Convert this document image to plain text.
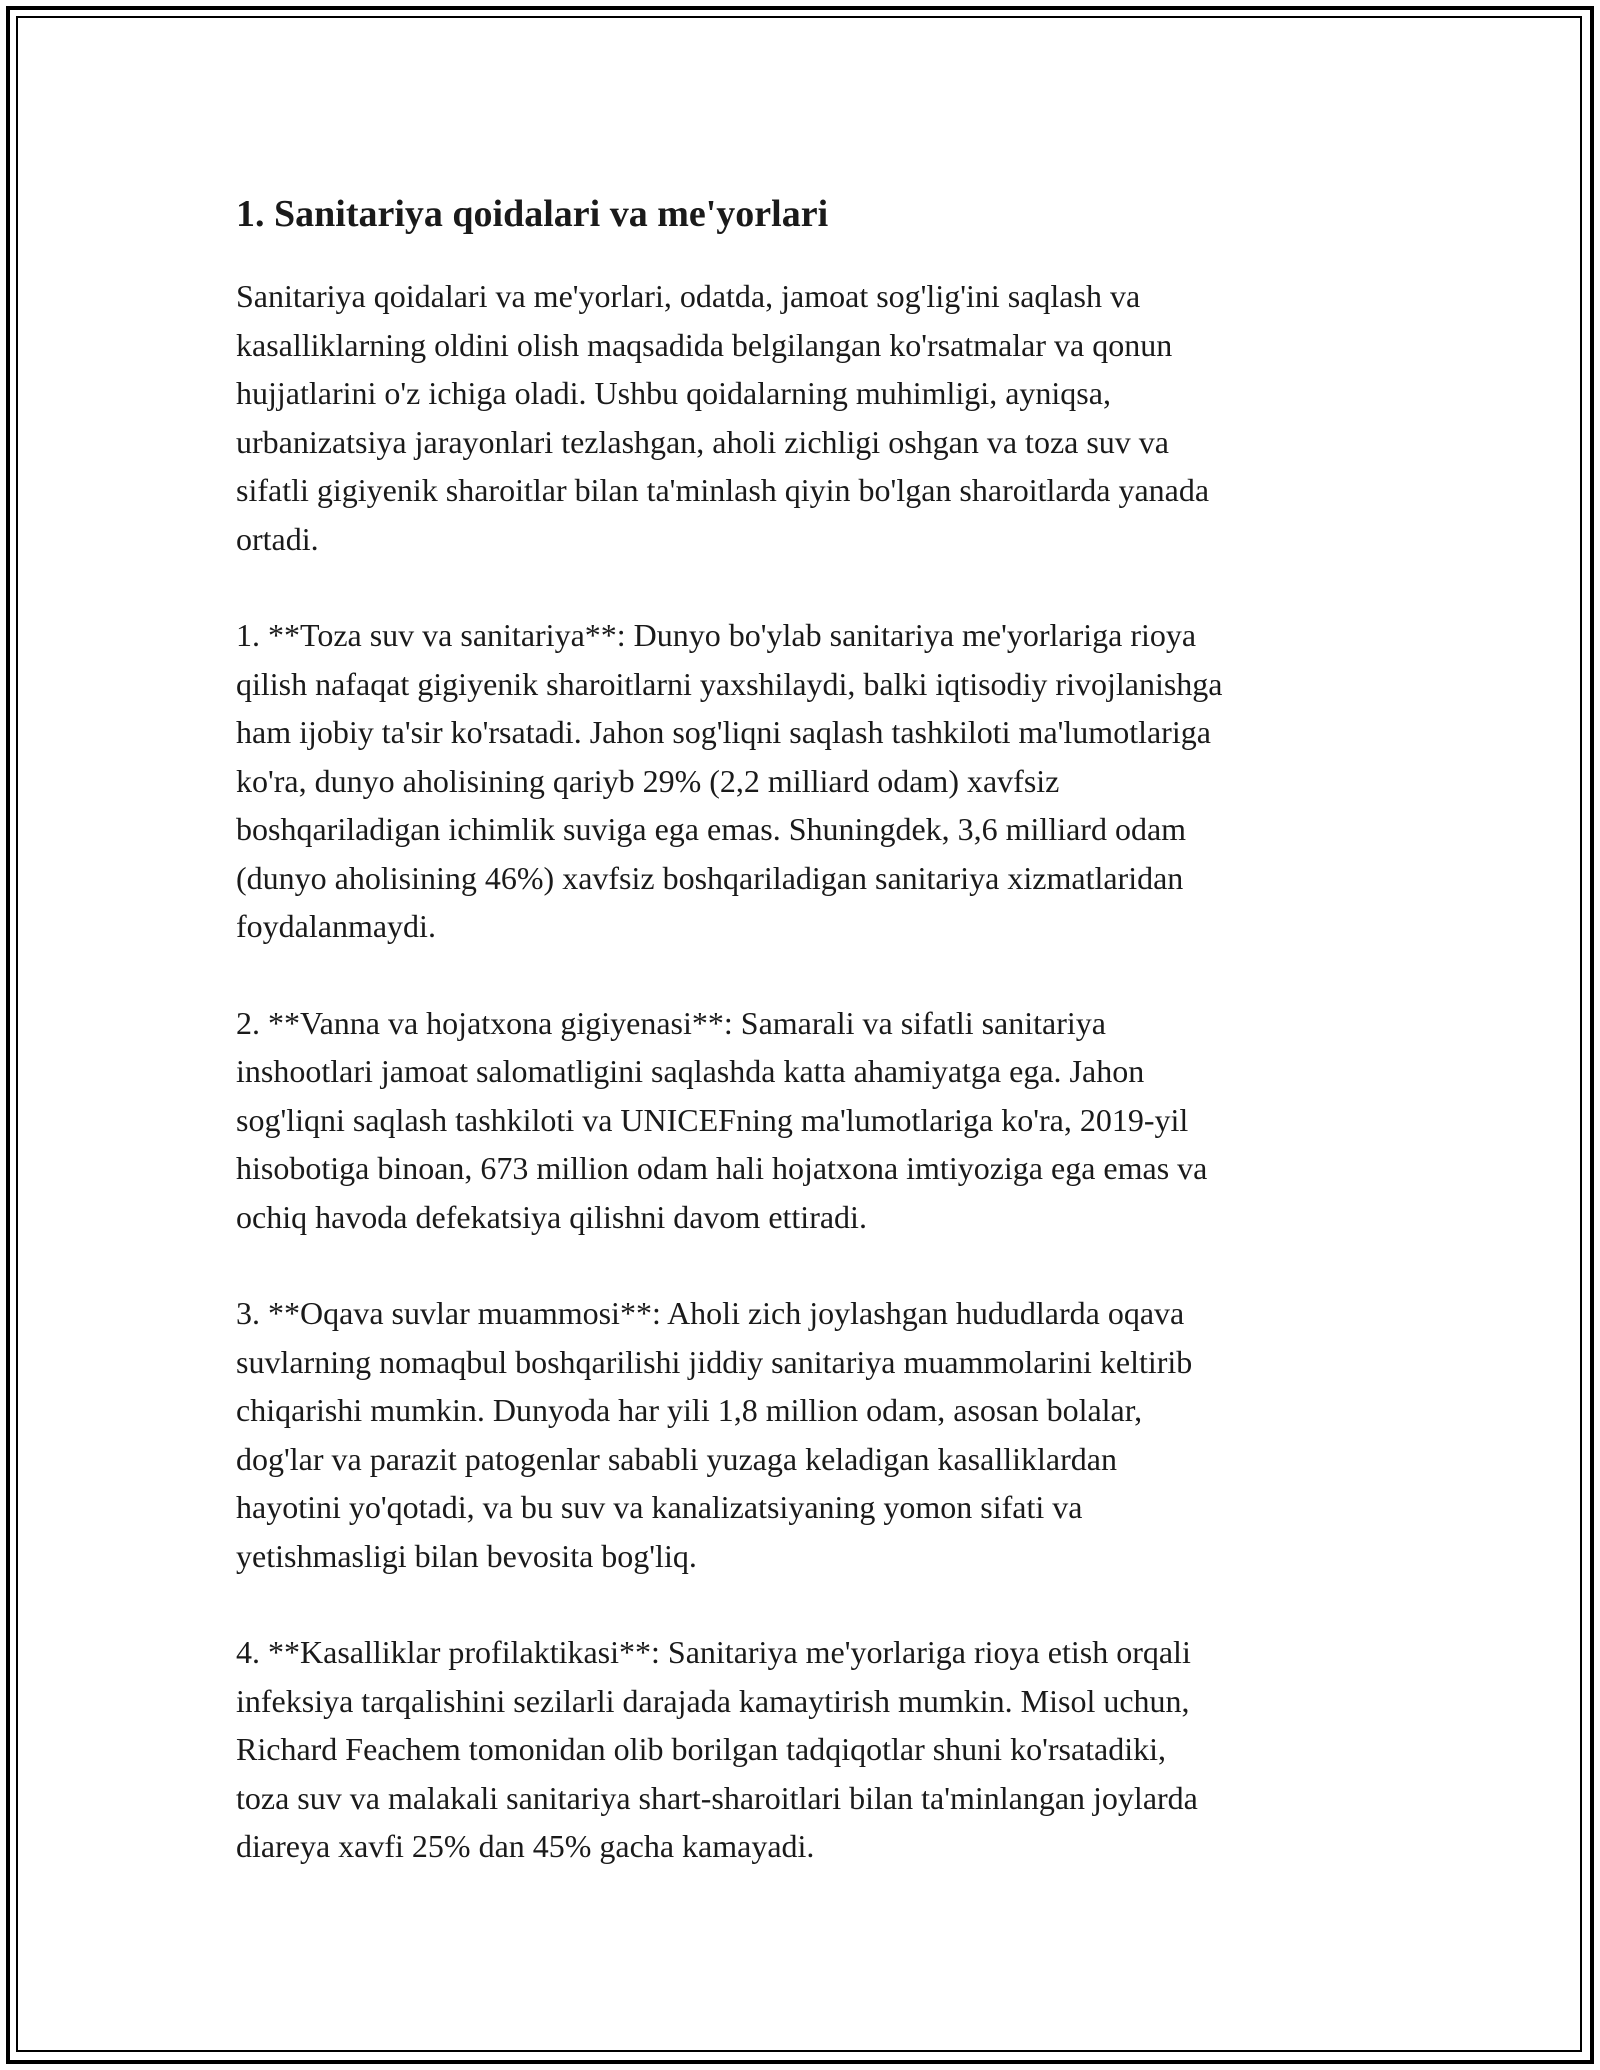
1. Sanitariya qoidalari va me'yorlari

Sanitariya qoidalari va me'yorlari, odatda, jamoat sog'lig'ini saqlash va
kasalliklarning oldini olish maqsadida belgilangan ko'rsatmalar va qonun
hujjatlarini o'z ichiga oladi. Ushbu qoidalarning muhimligi, ayniqsa,
urbanizatsiya jarayonlari tezlashgan, aholi zichligi oshgan va toza suv va
sifatli gigiyenik sharoitlar bilan ta'minlash qiyin bo'lgan sharoitlarda yanada
ortadi.

1. **Toza suv va sanitariya**: Dunyo bo'ylab sanitariya me'yorlariga rioya
qilish nafaqat gigiyenik sharoitlarni yaxshilaydi, balki iqtisodiy rivojlanishga
ham ijobiy ta'sir ko'rsatadi. Jahon sog'liqni saqlash tashkiloti ma'lumotlariga
ko'ra, dunyo aholisining qariyb 29% (2,2 milliard odam) xavfsiz
boshqariladigan ichimlik suviga ega emas. Shuningdek, 3,6 milliard odam
(dunyo aholisining 46%) xavfsiz boshqariladigan sanitariya xizmatlaridan
foydalanmaydi.

2. **Vanna va hojatxona gigiyenasi**: Samarali va sifatli sanitariya
inshootlari jamoat salomatligini saqlashda katta ahamiyatga ega. Jahon
sog'liqni saqlash tashkiloti va UNICEFning ma'lumotlariga ko'ra, 2019-yil
hisobotiga binoan, 673 million odam hali hojatxona imtiyoziga ega emas va
ochiq havoda defekatsiya qilishni davom ettiradi.

3. **Oqava suvlar muammosi**: Aholi zich joylashgan hududlarda oqava
suvlarning nomaqbul boshqarilishi jiddiy sanitariya muammolarini keltirib
chiqarishi mumkin. Dunyoda har yili 1,8 million odam, asosan bolalar,
dog'lar va parazit patogenlar sababli yuzaga keladigan kasalliklardan
hayotini yo'qotadi, va bu suv va kanalizatsiyaning yomon sifati va
yetishmasligi bilan bevosita bog'liq.

4. **Kasalliklar profilaktikasi**: Sanitariya me'yorlariga rioya etish orqali
infeksiya tarqalishini sezilarli darajada kamaytirish mumkin. Misol uchun,
Richard Feachem tomonidan olib borilgan tadqiqotlar shuni ko'rsatadiki,
toza suv va malakali sanitariya shart-sharoitlari bilan ta'minlangan joylarda
diareya xavfi 25% dan 45% gacha kamayadi.
